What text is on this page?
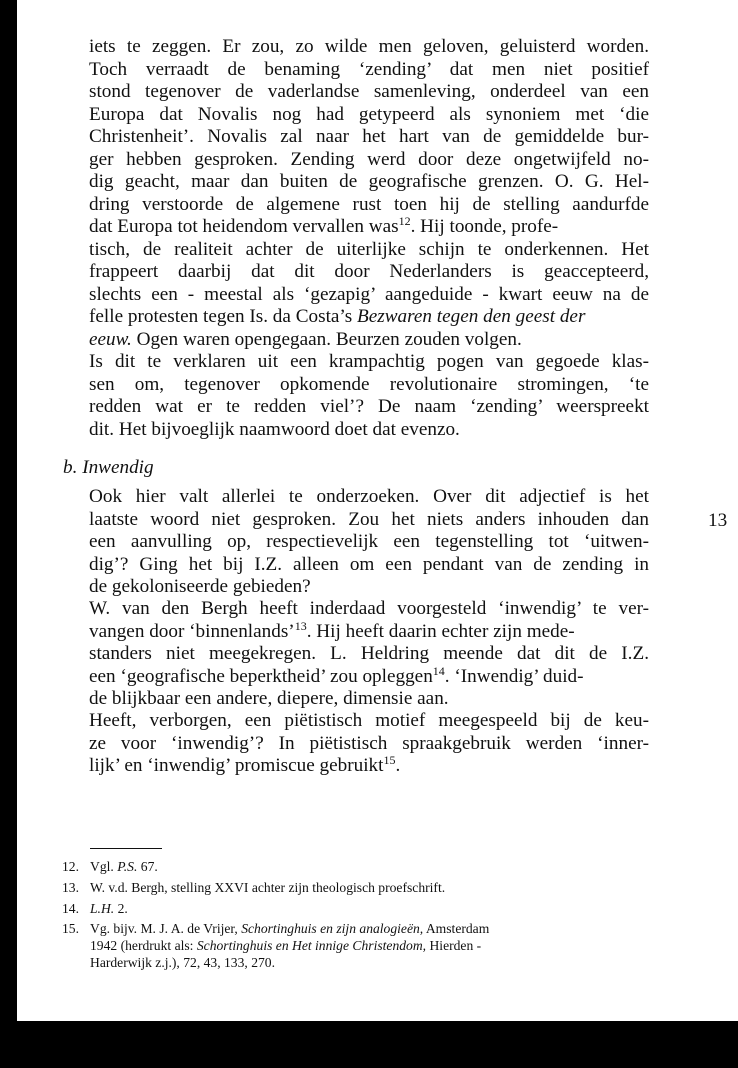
iets te zeggen. Er zou, zo wilde men geloven, geluisterd worden.
Toch verraadt de benaming ‘zending’ dat men niet positief
stond tegenover de vaderlandse samenleving, onderdeel van een
Europa dat Novalis nog had getypeerd als synoniem met ‘die
Christenheit’. Novalis zal naar het hart van de gemiddelde bur-
ger hebben gesproken. Zending werd door deze ongetwijfeld no-
dig geacht, maar dan buiten de geografische grenzen. O. G. Hel-
dring verstoorde de algemene rust toen hij de stelling aandurfde
dat Europa tot heidendom vervallen was$^{12}$. Hij toonde, profe-
tisch, de realiteit achter de uiterlijke schijn te onderkennen. Het
frappeert daarbij dat dit door Nederlanders is geaccepteerd,
slechts een - meestal als ‘gezapig’ aangeduide - kwart eeuw na de
felle protesten tegen Is. da Costa’s Bezwaren tegen den geest der
eeuw. Ogen waren opengegaan. Beurzen zouden volgen.
Is dit te verklaren uit een krampachtig pogen van gegoede klas-
sen om, tegenover opkomende revolutionaire stromingen, ‘te
redden wat er te redden viel’? De naam ‘zending’ weerspreekt
dit. Het bijvoeglijk naamwoord doet dat evenzo.
b. Inwendig
13
Ook hier valt allerlei te onderzoeken. Over dit adjectief is het
laatste woord niet gesproken. Zou het niets anders inhouden dan
een aanvulling op, respectievelijk een tegenstelling tot ‘uitwen-
dig’? Ging het bij I.Z. alleen om een pendant van de zending in
de gekoloniseerde gebieden?
W. van den Bergh heeft inderdaad voorgesteld ‘inwendig’ te ver-
vangen door ‘binnenlands’$^{13}$. Hij heeft daarin echter zijn mede-
standers niet meegekregen. L. Heldring meende dat dit de I.Z.
een ‘geografische beperktheid’ zou opleggen$^{14}$. ‘Inwendig’ duid-
de blijkbaar een andere, diepere, dimensie aan.
Heeft, verborgen, een piëtistisch motief meegespeeld bij de keu-
ze voor ‘inwendig’? In piëtistisch spraakgebruik werden ‘inner-
lijk’ en ‘inwendig’ promiscue gebruikt$^{15}$.
12. Vgl. P.S. 67.
13. W. v.d. Bergh, stelling XXVI achter zijn theologisch proefschrift.
14. L.H. 2.
15. Vg. bijv. M. J. A. de Vrijer, Schortinghuis en zijn analogieën, Amsterdam
1942 (herdrukt als: Schortinghuis en Het innige Christendom, Hierden -
Harderwijk z.j.), 72, 43, 133, 270.
